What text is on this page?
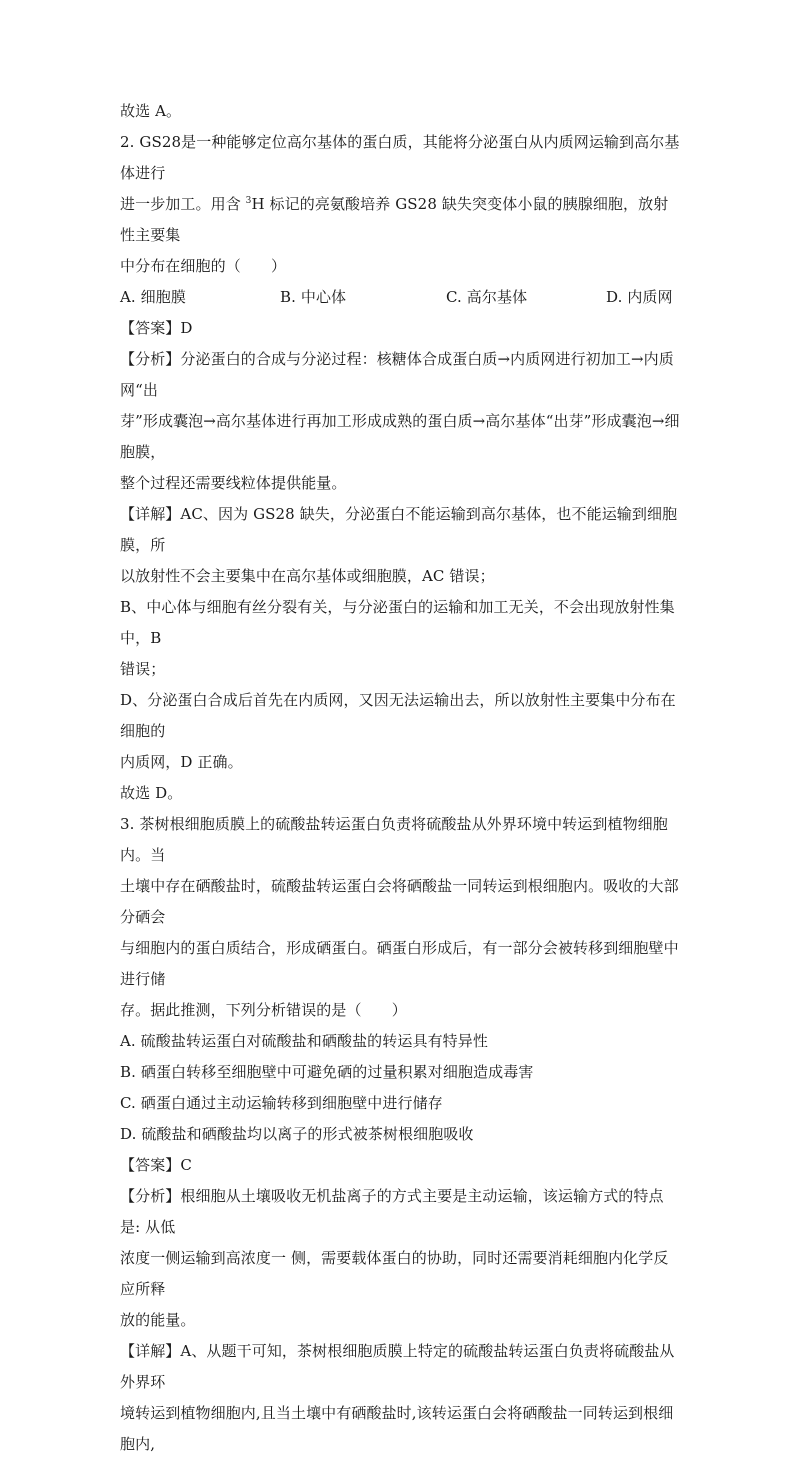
故选 A。

2. GS28是一种能够定位高尔基体的蛋白质，其能将分泌蛋白从内质网运输到高尔基体进行

进一步加工。用含 $^3$H 标记的亮氨酸培养 GS28 缺失突变体小鼠的胰腺细胞，放射性主要集

中分布在细胞的（　　）

A. 细胞膜	B. 中心体	C. 高尔基体	D. 内质网

【答案】D

【分析】分泌蛋白的合成与分泌过程：核糖体合成蛋白质→内质网进行初加工→内质网“出

芽”形成囊泡→高尔基体进行再加工形成成熟的蛋白质→高尔基体“出芽”形成囊泡→细胞膜，

整个过程还需要线粒体提供能量。

【详解】AC、因为 GS28 缺失，分泌蛋白不能运输到高尔基体，也不能运输到细胞膜，所

以放射性不会主要集中在高尔基体或细胞膜，AC 错误；

B、中心体与细胞有丝分裂有关，与分泌蛋白的运输和加工无关，不会出现放射性集中，B

错误；

D、分泌蛋白合成后首先在内质网，又因无法运输出去，所以放射性主要集中分布在细胞的

内质网，D 正确。

故选 D。

3. 茶树根细胞质膜上的硫酸盐转运蛋白负责将硫酸盐从外界环境中转运到植物细胞内。当

土壤中存在硒酸盐时，硫酸盐转运蛋白会将硒酸盐一同转运到根细胞内。吸收的大部分硒会

与细胞内的蛋白质结合，形成硒蛋白。硒蛋白形成后，有一部分会被转移到细胞壁中进行储

存。据此推测，下列分析错误的是（　　）

A. 硫酸盐转运蛋白对硫酸盐和硒酸盐的转运具有特异性

B. 硒蛋白转移至细胞壁中可避免硒的过量积累对细胞造成毒害

C. 硒蛋白通过主动运输转移到细胞壁中进行储存

D. 硫酸盐和硒酸盐均以离子的形式被茶树根细胞吸收

【答案】C

【分析】根细胞从土壤吸收无机盐离子的方式主要是主动运输，该运输方式的特点是: 从低

浓度一侧运输到高浓度一 侧，需要载体蛋白的协助，同时还需要消耗细胞内化学反应所释

放的能量。

【详解】A、从题干可知，茶树根细胞质膜上特定的硫酸盐转运蛋白负责将硫酸盐从外界环

境转运到植物细胞内,且当土壤中有硒酸盐时,该转运蛋白会将硒酸盐一同转运到根细胞内,
